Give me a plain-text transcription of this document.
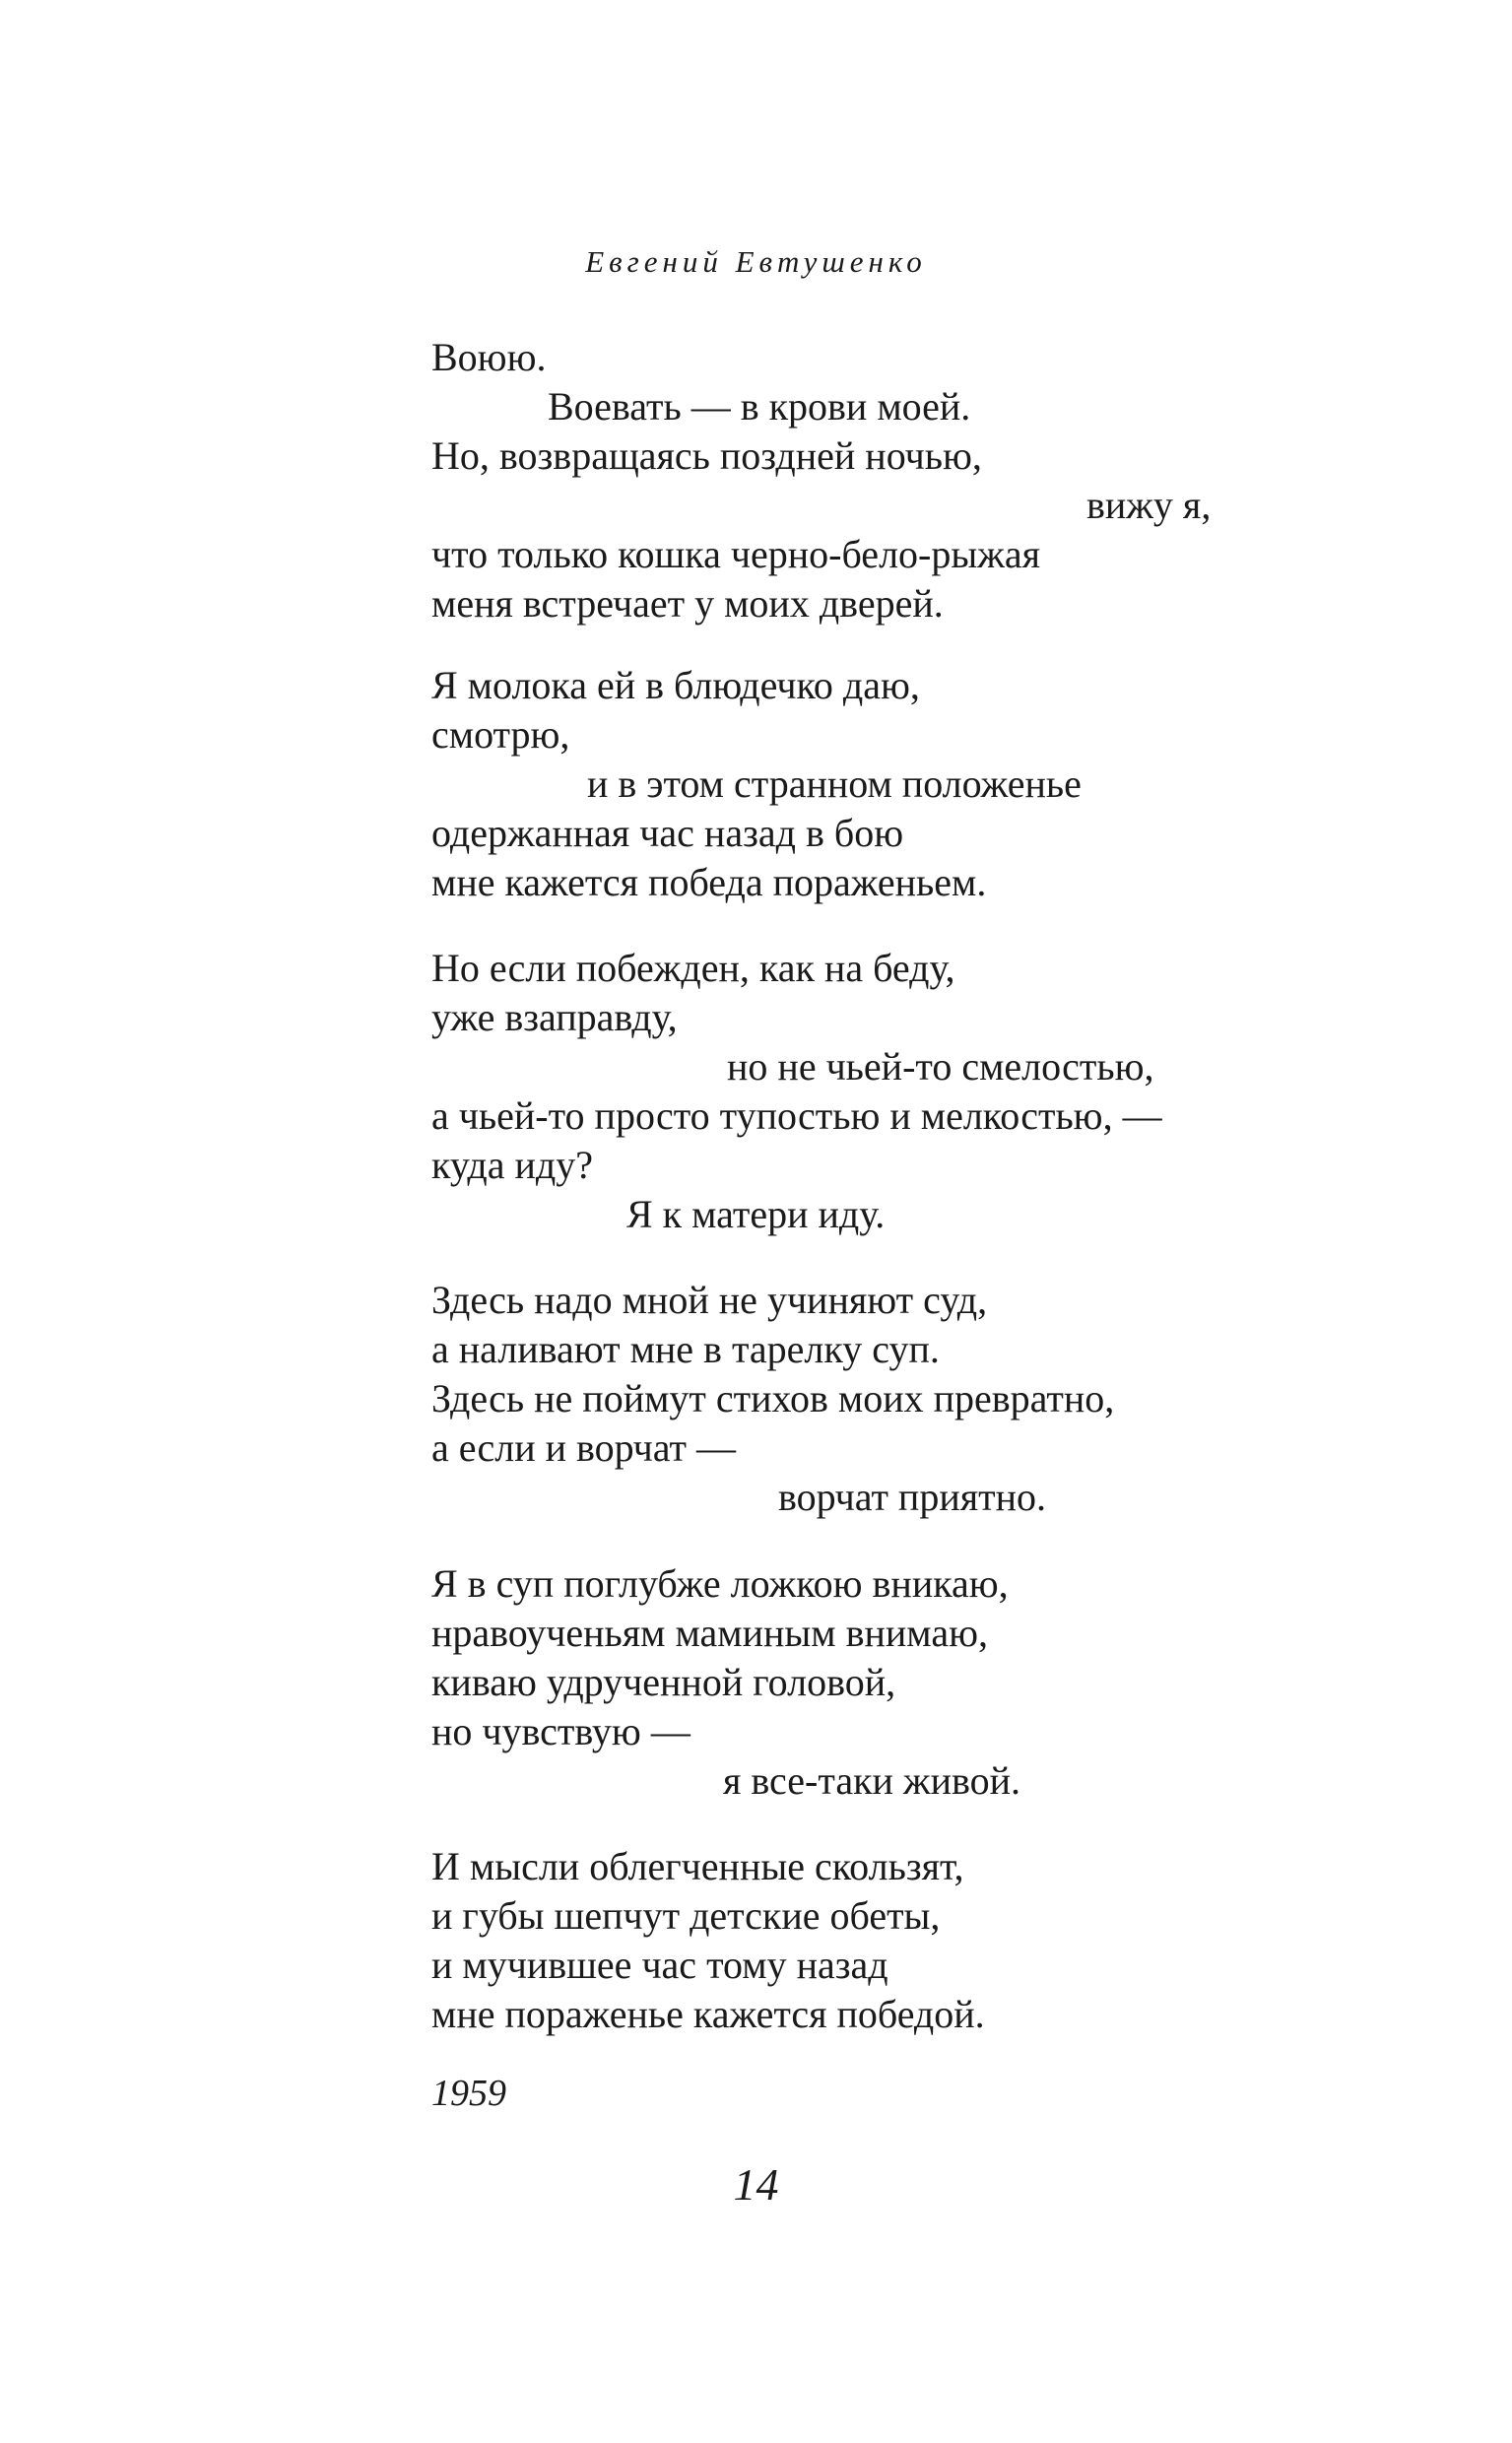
Евгений Евтушенко
Воюю.
Воевать — в крови моей.
Но, возвращаясь поздней ночью,
вижу я,
что только кошка черно-бело-рыжая
меня встречает у моих дверей.
Я молока ей в блюдечко даю,
смотрю,
и в этом странном положенье
одержанная час назад в бою
мне кажется победа пораженьем.
Но если побежден, как на беду,
уже взаправду,
но не чьей-то смелостью,
а чьей-то просто тупостью и мелкостью, —
куда иду?
Я к матери иду.
Здесь надо мной не учиняют суд,
а наливают мне в тарелку суп.
Здесь не поймут стихов моих превратно,
а если и ворчат —
ворчат приятно.
Я в суп поглубже ложкою вникаю,
нравоученьям маминым внимаю,
киваю удрученной головой,
но чувствую —
я все-таки живой.
И мысли облегченные скользят,
и губы шепчут детские обеты,
и мучившее час тому назад
мне пораженье кажется победой.
1959
14
